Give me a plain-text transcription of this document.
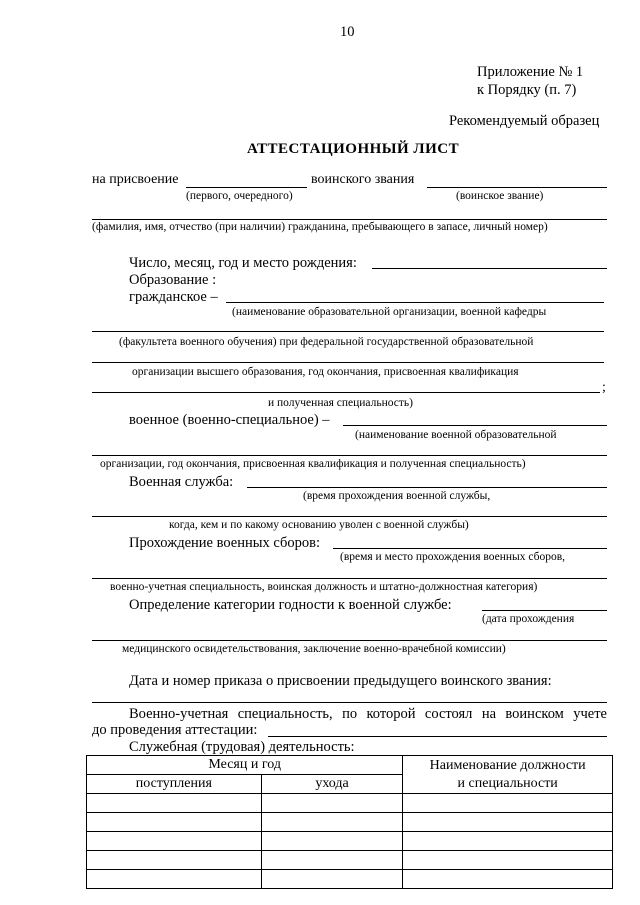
10
Приложение № 1
к Порядку (п. 7)
Рекомендуемый образец
АТТЕСТАЦИОННЫЙ ЛИСТ
на присвоение	воинского звания
(первого, очередного)	(воинское звание)
(фамилия, имя, отчество (при наличии) гражданина, пребывающего в запасе, личный номер)
Число, месяц, год и место рождения:
Образование :
гражданское –
(наименование образовательной организации, военной кафедры
(факультета военного обучения) при федеральной государственной образовательной
организации высшего образования, год окончания, присвоенная квалификация
;
и полученная специальность)
военное (военно-специальное) –
(наименование военной образовательной
организации, год окончания, присвоенная квалификация и полученная специальность)
Военная служба:
(время прохождения военной службы,
когда, кем и по какому основанию уволен с военной службы)
Прохождение военных сборов:
(время и место прохождения военных сборов,
военно-учетная специальность, воинская должность и штатно-должностная категория)
Определение категории годности к военной службе:
(дата прохождения
медицинского освидетельствования, заключение военно-врачебной комиссии)
Дата и номер приказа о присвоении предыдущего воинского звания:
Военно-учетная специальность, по которой состоял на воинском учете
до проведения аттестации:
Служебная (трудовая) деятельность:
Месяц и год		Наименование должности
и специальности
поступления	ухода	
